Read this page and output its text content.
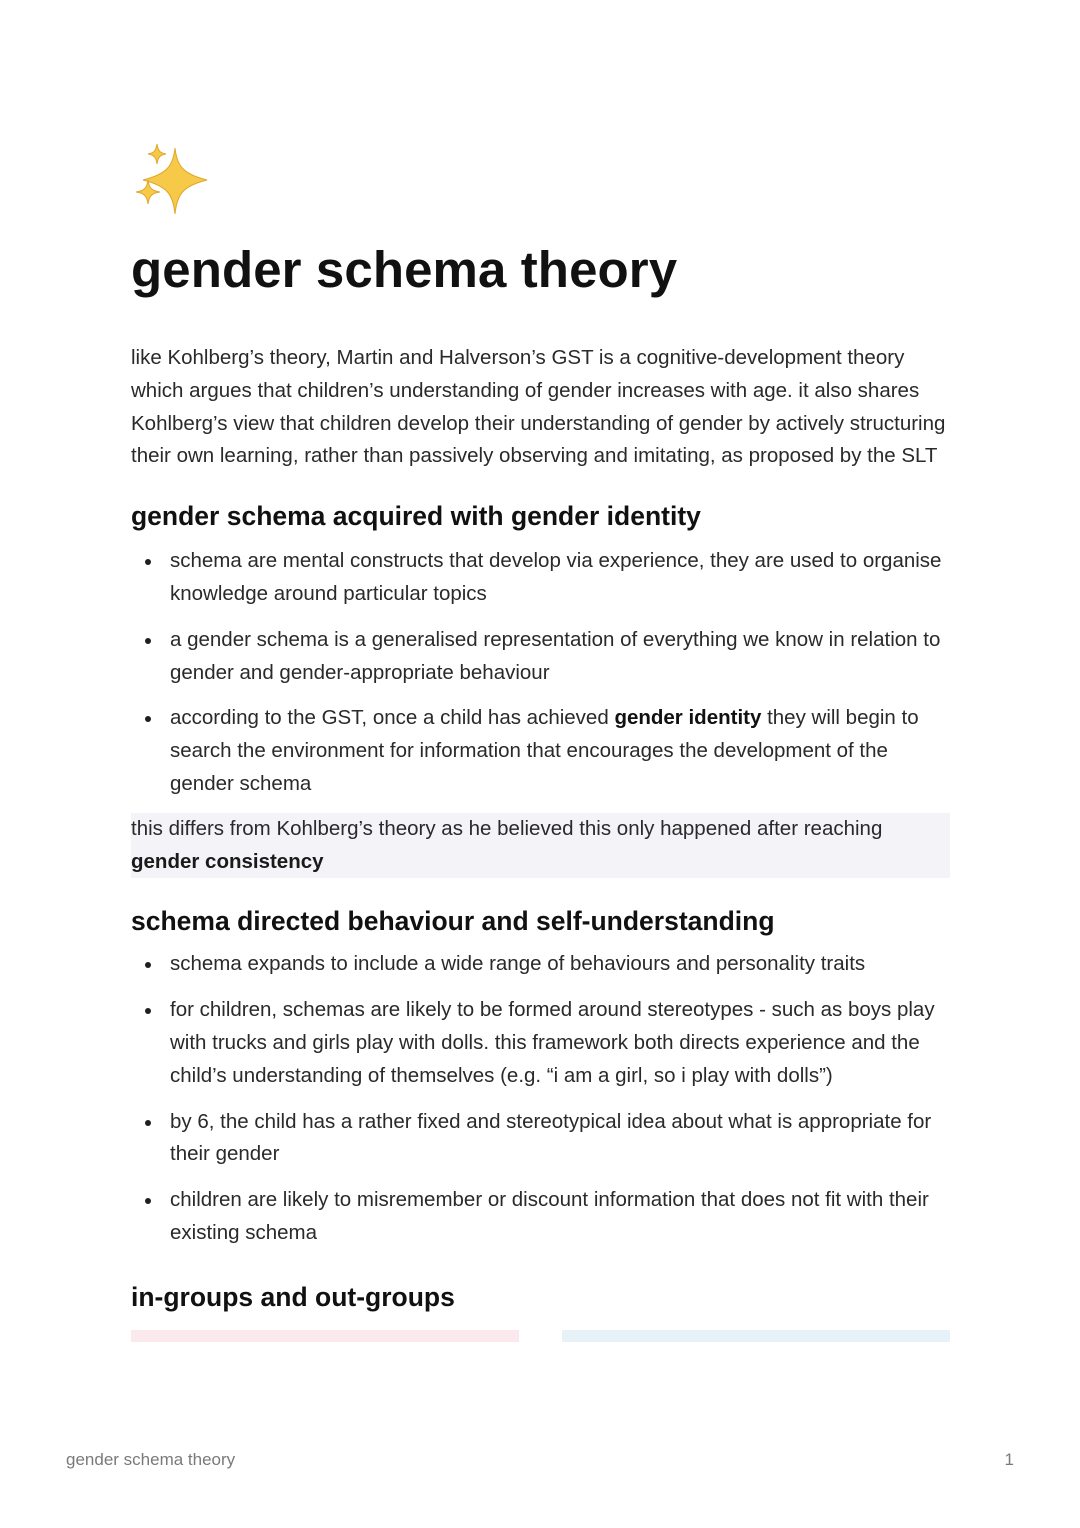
gender schema theory

like Kohlberg’s theory, Martin and Halverson’s GST is a cognitive-development theory which argues that children’s understanding of gender increases with age. it also shares Kohlberg’s view that children develop their understanding of gender by actively structuring their own learning, rather than passively observing and imitating, as proposed by the SLT

gender schema acquired with gender identity
schema are mental constructs that develop via experience, they are used to organise knowledge around particular topics
a gender schema is a generalised representation of everything we know in relation to gender and gender-appropriate behaviour
according to the GST, once a child has achieved gender identity they will begin to search the environment for information that encourages the development of the gender schema
this differs from Kohlberg’s theory as he believed this only happened after reaching gender consistency
schema directed behaviour and self-understanding
schema expands to include a wide range of behaviours and personality traits
for children, schemas are likely to be formed around stereotypes - such as boys play with trucks and girls play with dolls. this framework both directs experience and the child’s understanding of themselves (e.g. “i am a girl, so i play with dolls”)
by 6, the child has a rather fixed and stereotypical idea about what is appropriate for their gender
children are likely to misremember or discount information that does not fit with their existing schema
in-groups and out-groups
gender schema theory	1
